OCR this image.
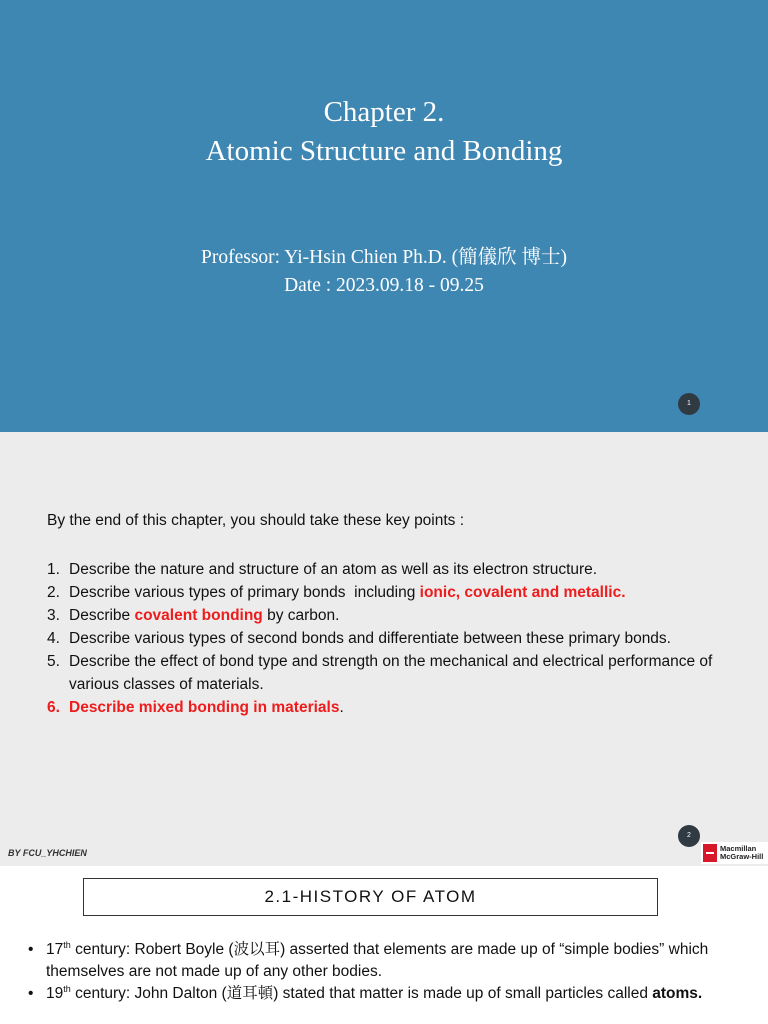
Chapter 2.
Atomic Structure and Bonding
Professor: Yi-Hsin Chien Ph.D. (簡儀欣 博士)
Date : 2023.09.18 - 09.25
1
By the end of this chapter, you should take these key points :
1. Describe the nature and structure of an atom as well as its electron structure.
2. Describe various types of primary bonds  including ionic, covalent and metallic.
3. Describe covalent bonding by carbon.
4. Describe various types of second bonds and differentiate between these primary bonds.
5. Describe the effect of bond type and strength on the mechanical and electrical performance of various classes of materials.
6. Describe mixed bonding in materials.
BY FCU_YHCHIEN
2
Macmillan
McGraw-Hill
2.1-HISTORY OF ATOM
• 17th century: Robert Boyle (波以耳) asserted that elements are made up of “simple bodies” which themselves are not made up of any other bodies.
• 19th century: John Dalton (道耳頓) stated that matter is made up of small particles called atoms.
